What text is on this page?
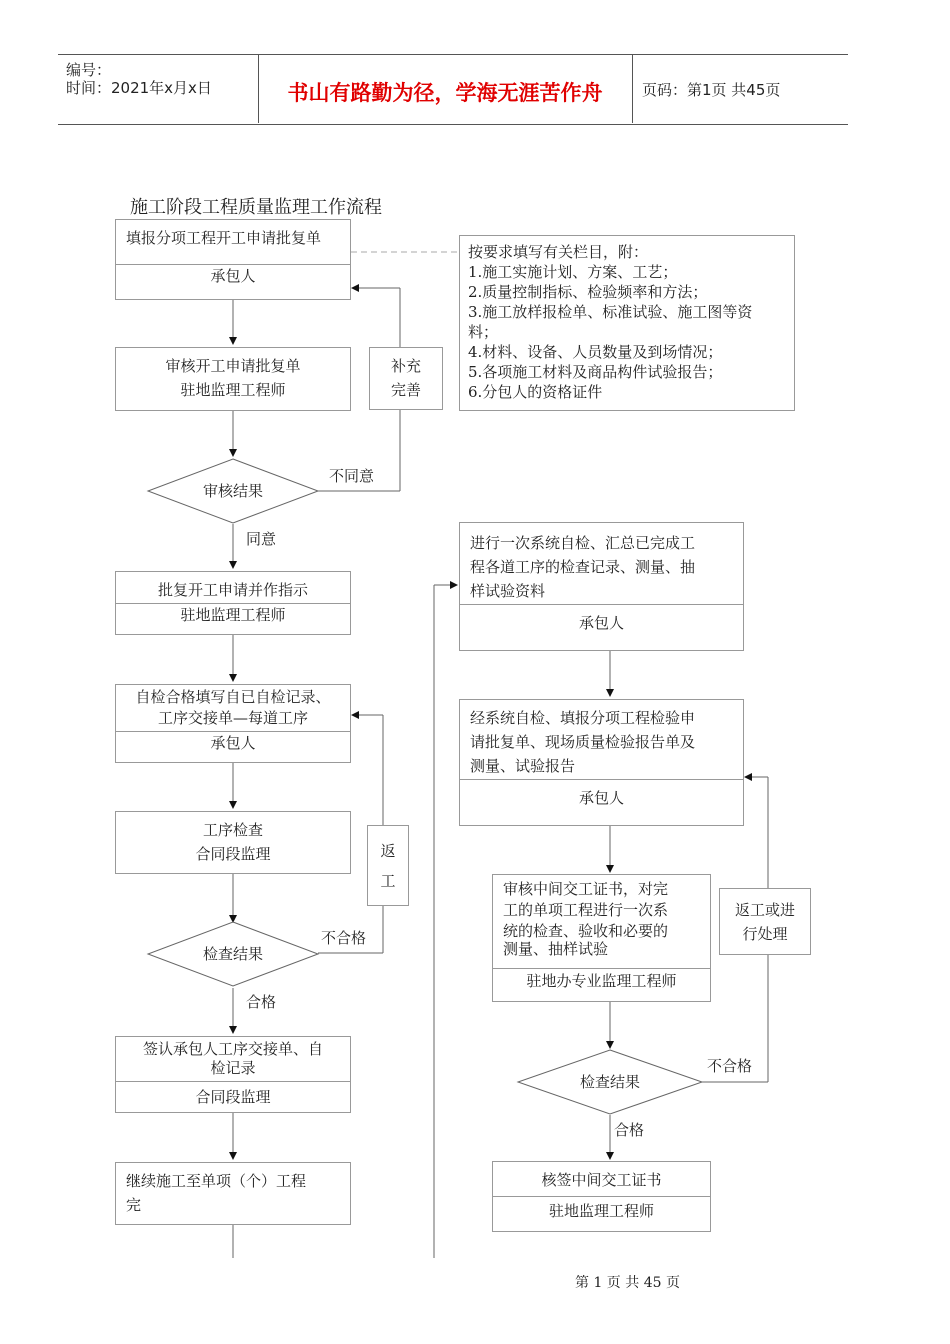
编号：
时间：2021年x月x日	书山有路勤为径，学海无涯苦作舟	页码：第1页 共45页
施工阶段工程质量监理工作流程
填报分项工程开工申请批复单
承包人
审核开工申请批复单
驻地监理工程师
补充
完善
审核结果
不同意
同意
批复开工申请并作指示
驻地监理工程师
自检合格填写自已自检记录、
工序交接单—每道工序
承包人
工序检查
合同段监理	返
工
检查结果
不合格
合格
签认承包人工序交接单、自
检记录
合同段监理
继续施工至单项（个）工程
完
按要求填写有关栏目，附：
1.施工实施计划、方案、工艺；
2.质量控制指标、检验频率和方法；
3.施工放样报检单、标准试验、施工图等资
料；
4.材料、设备、人员数量及到场情况；
5.各项施工材料及商品构件试验报告；
6.分包人的资格证件
进行一次系统自检、汇总已完成工
程各道工序的检查记录、测量、抽
样试验资料
承包人
经系统自检、填报分项工程检验申
请批复单、现场质量检验报告单及
测量、试验报告
承包人
审核中间交工证书，对完
工的单项工程进行一次系
统的检查、验收和必要的
测量、抽样试验
驻地办专业监理工程师
返工或进
行处理
检查结果
不合格
合格
核签中间交工证书
驻地监理工程师
第 1 页 共 45 页
